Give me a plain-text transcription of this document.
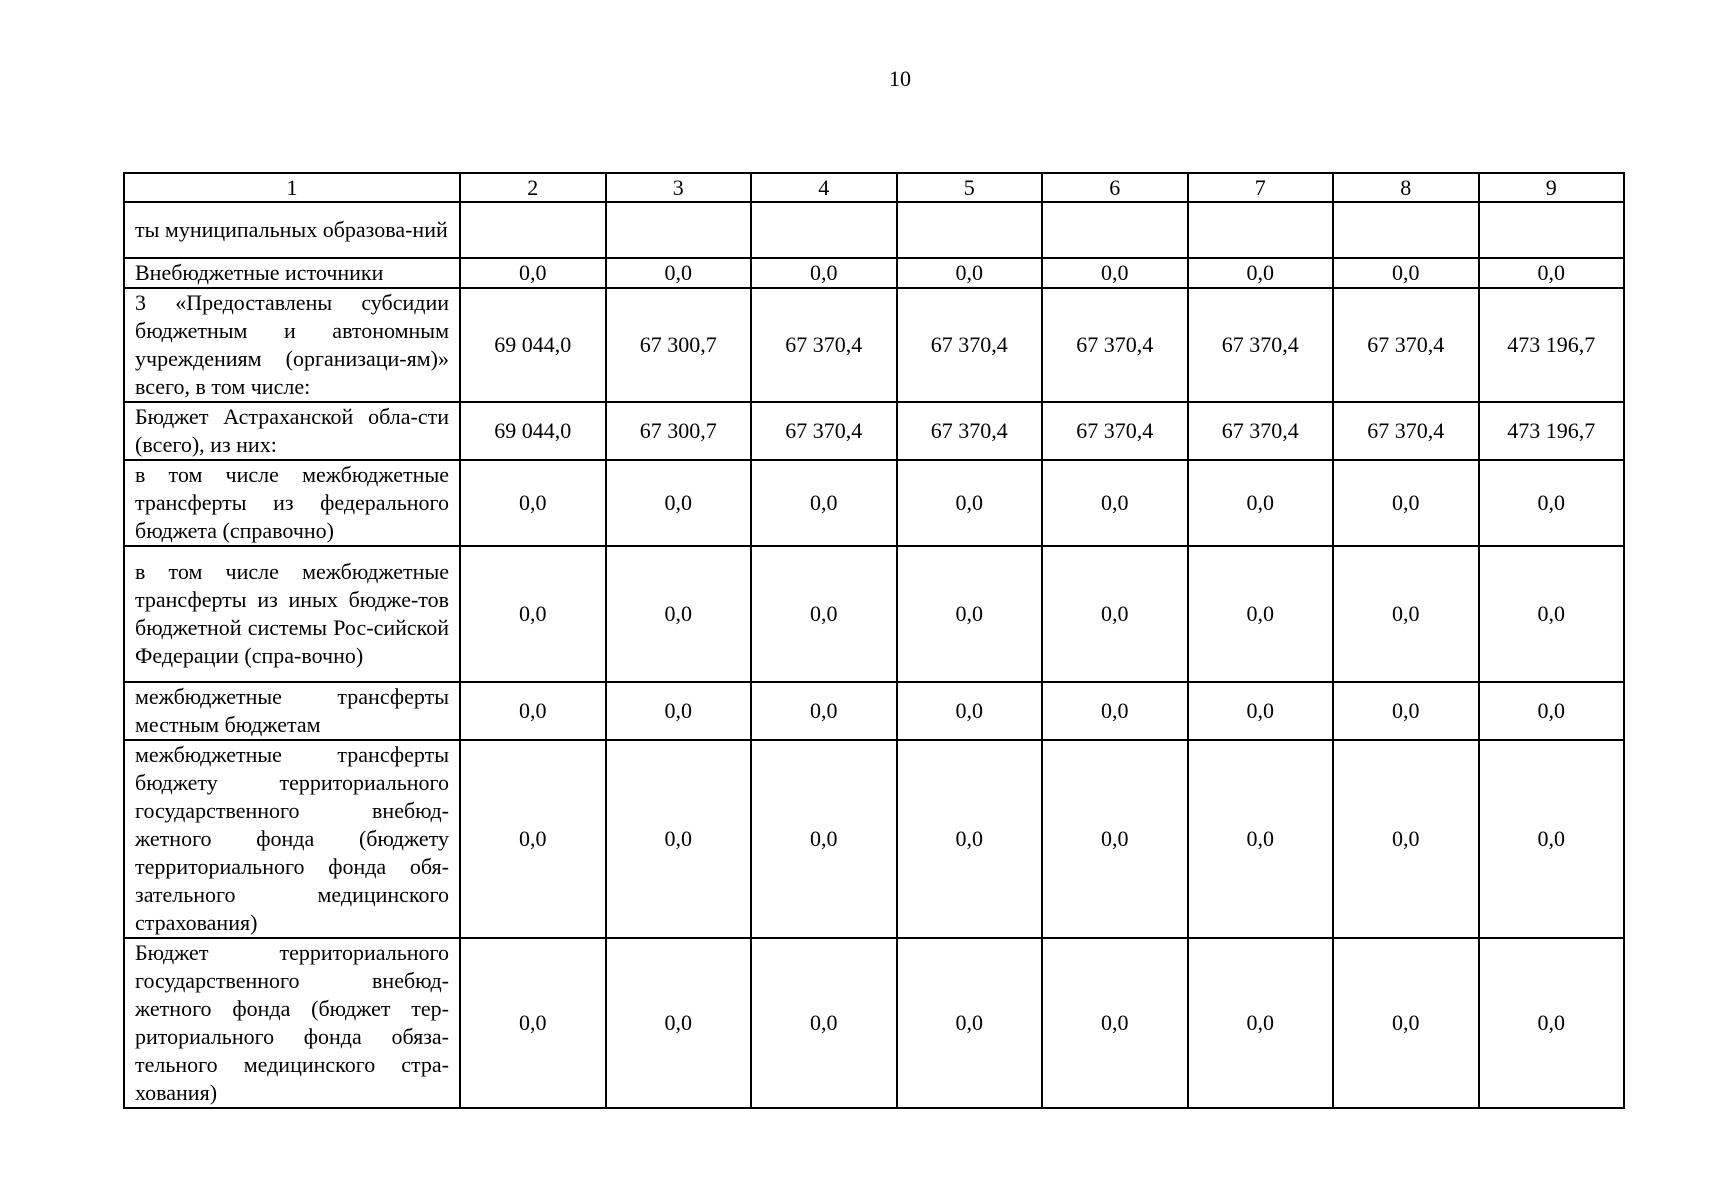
10
1	2	3	4	5	6	7	8	9
ты муниципальных образова-ний								
Внебюджетные источники	0,0	0,0	0,0	0,0	0,0	0,0	0,0	0,0
3 «Предоставлены субсидии бюджетным и автономным учреждениям (организаци-ям)» всего, в том числе:	69 044,0	67 300,7	67 370,4	67 370,4	67 370,4	67 370,4	67 370,4	473 196,7
Бюджет Астраханской обла-сти (всего), из них:	69 044,0	67 300,7	67 370,4	67 370,4	67 370,4	67 370,4	67 370,4	473 196,7
в том числе межбюджетные трансферты из федерального бюджета (справочно)	0,0	0,0	0,0	0,0	0,0	0,0	0,0	0,0
в том числе межбюджетные трансферты из иных бюдже-тов бюджетной системы Рос-сийской Федерации (спра-вочно)	0,0	0,0	0,0	0,0	0,0	0,0	0,0	0,0
межбюджетные трансферты местным бюджетам	0,0	0,0	0,0	0,0	0,0	0,0	0,0	0,0
межбюджетные трансферты бюджету территориального государственного внебюд-жетного фонда (бюджету территориального фонда обя-зательного медицинского страхования)	0,0	0,0	0,0	0,0	0,0	0,0	0,0	0,0
Бюджет территориального государственного внебюд-жетного фонда (бюджет тер-риториального фонда обяза-тельного медицинского стра-хования)	0,0	0,0	0,0	0,0	0,0	0,0	0,0	0,0
